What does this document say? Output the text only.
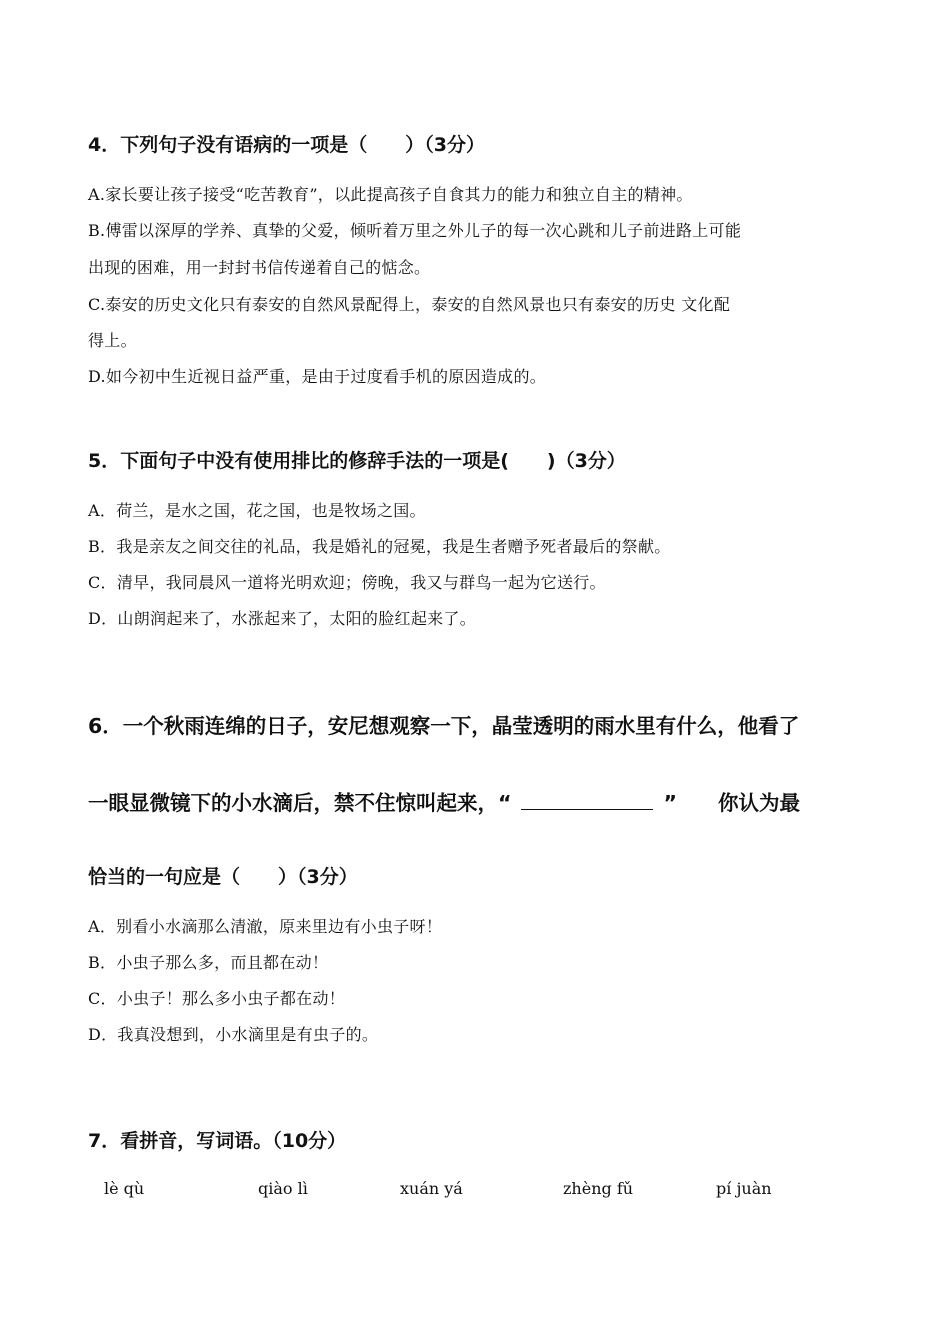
4．下列句子没有语病的一项是（　　）（3分）

A.家长要让孩子接受“吃苦教育”，以此提高孩子自食其力的能力和独立自主的精神。

B.傅雷以深厚的学养、真挚的父爱，倾听着万里之外儿子的每一次心跳和儿子前进路上可能

出现的困难，用一封封书信传递着自己的惦念。

C.泰安的历史文化只有泰安的自然风景配得上，泰安的自然风景也只有泰安的历史 文化配

得上。

D.如今初中生近视日益严重，是由于过度看手机的原因造成的。

5．下面句子中没有使用排比的修辞手法的一项是(　　)（3分）

A．荷兰，是水之国，花之国，也是牧场之国。

B．我是亲友之间交往的礼品，我是婚礼的冠冕，我是生者赠予死者最后的祭献。

C．清早，我同晨风一道将光明欢迎；傍晚，我又与群鸟一起为它送行。

D．山朗润起来了，水涨起来了，太阳的脸红起来了。

6．一个秋雨连绵的日子，安尼想观察一下，晶莹透明的雨水里有什么，他看了
一眼显微镜下的小水滴后，禁不住惊叫起来，“	”　　你认为最
恰当的一句应是（　　）（3分）

A．别看小水滴那么清澈，原来里边有小虫子呀！

B．小虫子那么多，而且都在动！

C．小虫子！那么多小虫子都在动！

D．我真没想到，小水滴里是有虫子的。

7．看拼音，写词语。（10分）

lè qù	qiào lì	xuán yá	zhèng fǔ	pí juàn
